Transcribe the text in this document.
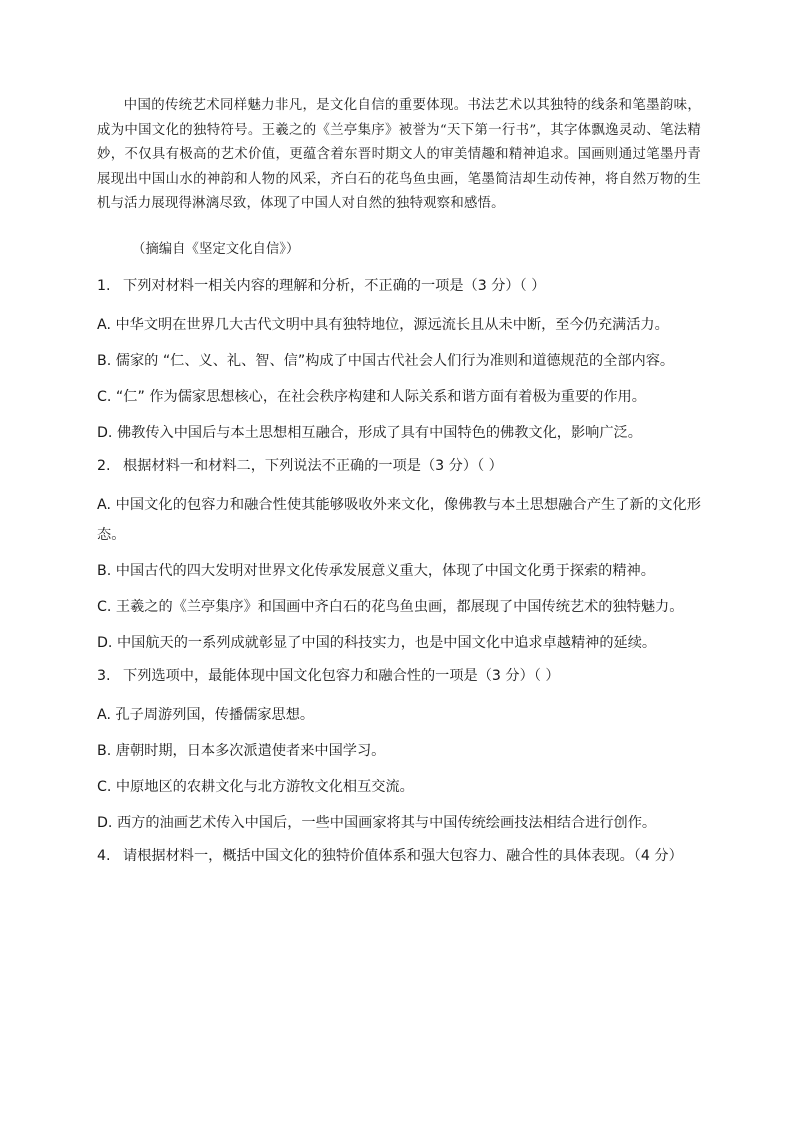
中国的传统艺术同样魅力非凡，是文化自信的重要体现。书法艺术以其独特的线条和笔墨韵味，成为中国文化的独特符号。王羲之的《兰亭集序》被誉为“天下第一行书”，其字体飘逸灵动、笔法精妙，不仅具有极高的艺术价值，更蕴含着东晋时期文人的审美情趣和精神追求。国画则通过笔墨丹青展现出中国山水的神韵和人物的风采，齐白石的花鸟鱼虫画，笔墨简洁却生动传神，将自然万物的生机与活力展现得淋漓尽致，体现了中国人对自然的独特观察和感悟。

（摘编自《坚定文化自信》）

1. 下列对材料一相关内容的理解和分析，不正确的一项是（3 分）（ ）

A. 中华文明在世界几大古代文明中具有独特地位，源远流长且从未中断，至今仍充满活力。

B. 儒家的 “仁、义、礼、智、信”构成了中国古代社会人们行为准则和道德规范的全部内容。

C. “仁” 作为儒家思想核心，在社会秩序构建和人际关系和谐方面有着极为重要的作用。

D. 佛教传入中国后与本土思想相互融合，形成了具有中国特色的佛教文化，影响广泛。

2. 根据材料一和材料二，下列说法不正确的一项是（3 分）（ ）

A. 中国文化的包容力和融合性使其能够吸收外来文化，像佛教与本土思想融合产生了新的文化形态。

B. 中国古代的四大发明对世界文化传承发展意义重大，体现了中国文化勇于探索的精神。

C. 王羲之的《兰亭集序》和国画中齐白石的花鸟鱼虫画，都展现了中国传统艺术的独特魅力。

D. 中国航天的一系列成就彰显了中国的科技实力，也是中国文化中追求卓越精神的延续。

3. 下列选项中，最能体现中国文化包容力和融合性的一项是（3 分）（ ）

A. 孔子周游列国，传播儒家思想。

B. 唐朝时期，日本多次派遣使者来中国学习。

C. 中原地区的农耕文化与北方游牧文化相互交流。

D. 西方的油画艺术传入中国后，一些中国画家将其与中国传统绘画技法相结合进行创作。

4. 请根据材料一，概括中国文化的独特价值体系和强大包容力、融合性的具体表现。（4 分）
